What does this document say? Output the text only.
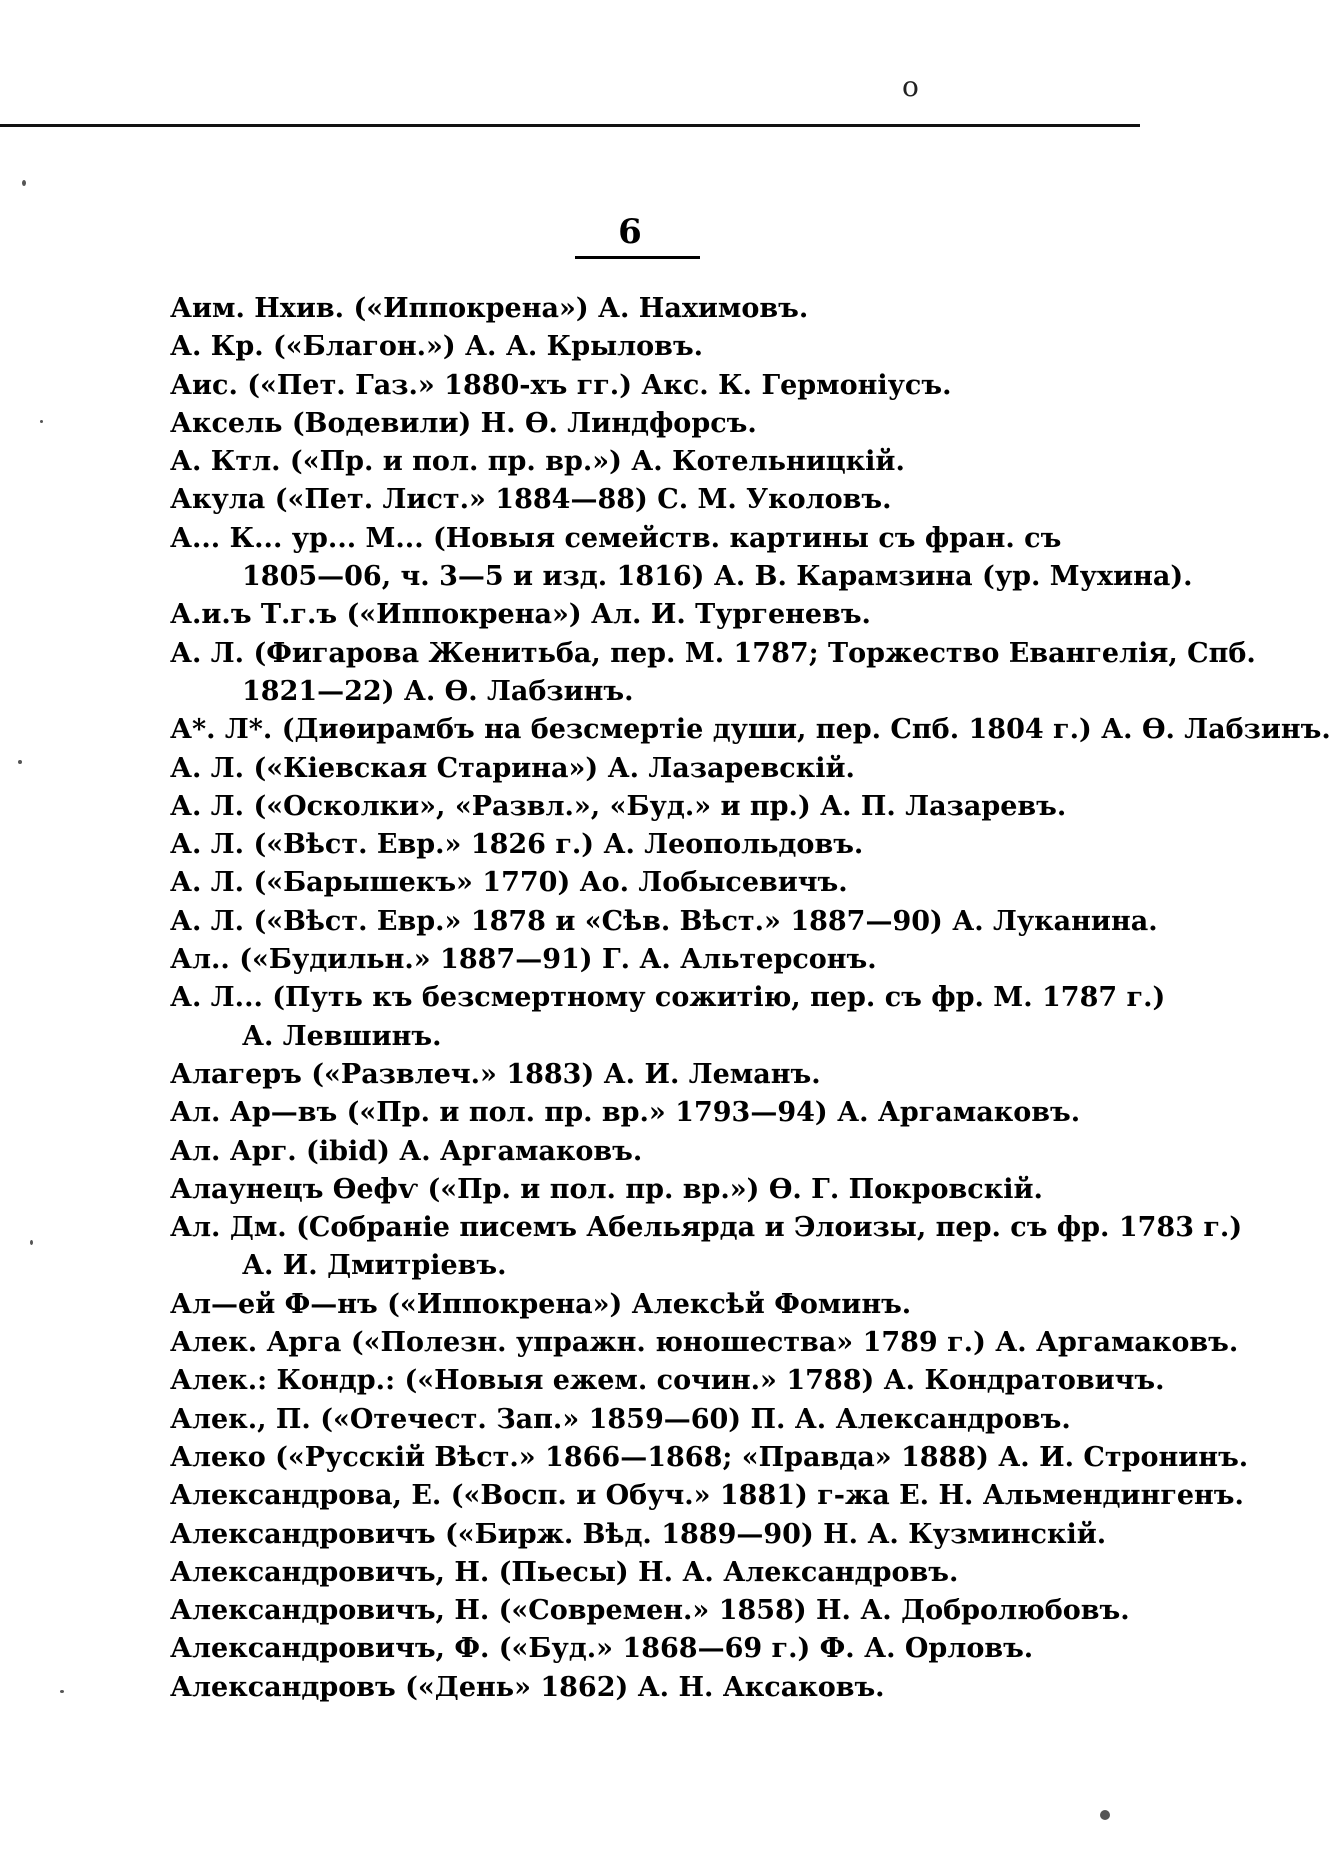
о
6
Аим. Нхив. («Иппокрена») А. Нахимовъ.
А. Кр. («Благон.») А. А. Крыловъ.
Аис. («Пет. Газ.» 1880-хъ гг.) Акс. К. Гермоніусъ.
Аксель (Водевили) Н. Ѳ. Линдфорсъ.
А. Ктл. («Пр. и пол. пр. вр.») А. Котельницкій.
Акула («Пет. Лист.» 1884—88) С. М. Уколовъ.
А... К... ур... М... (Новыя семейств. картины съ фран. съ
1805—06, ч. 3—5 и изд. 1816) А. В. Карамзина (ур. Мухина).
А.и.ъ Т.г.ъ («Иппокрена») Ал. И. Тургеневъ.
А. Л. (Фигарова Женитьба, пер. М. 1787; Торжество Евангелія, Спб.
1821—22) А. Ѳ. Лабзинъ.
А*. Л*. (Диѳирамбъ на безсмертіе души, пер. Спб. 1804 г.) А. Ѳ. Лабзинъ.
А. Л. («Кіевская Старина») А. Лазаревскій.
А. Л. («Осколки», «Развл.», «Буд.» и пр.) А. П. Лазаревъ.
А. Л. («Вѣст. Евр.» 1826 г.) А. Леопольдовъ.
А. Л. («Барышекъ» 1770) Ао. Лобысевичъ.
А. Л. («Вѣст. Евр.» 1878 и «Сѣв. Вѣст.» 1887—90) А. Луканина.
Ал.. («Будильн.» 1887—91) Г. А. Альтерсонъ.
А. Л... (Путь къ безсмертному сожитію, пер. съ фр. М. 1787 г.)
А. Левшинъ.
Алагеръ («Развлеч.» 1883) А. И. Леманъ.
Ал. Ар—въ («Пр. и пол. пр. вр.» 1793—94) А. Аргамаковъ.
Ал. Арг. (ibid) А. Аргамаковъ.
Алаунецъ Ѳефѵ («Пр. и пол. пр. вр.») Ѳ. Г. Покровскій.
Ал. Дм. (Собраніе писемъ Абельярда и Элоизы, пер. съ фр. 1783 г.)
А. И. Дмитріевъ.
Ал—ей Ф—нъ («Иппокрена») Алексѣй Фоминъ.
Алек. Арга («Полезн. упражн. юношества» 1789 г.) А. Аргамаковъ.
Алек.: Кондр.: («Новыя ежем. сочин.» 1788) А. Кондратовичъ.
Алек., П. («Отечест. Зап.» 1859—60) П. А. Александровъ.
Алеко («Русскій Вѣст.» 1866—1868; «Правда» 1888) А. И. Стронинъ.
Александрова, Е. («Восп. и Обуч.» 1881) г-жа Е. Н. Альмендингенъ.
Александровичъ («Бирж. Вѣд. 1889—90) Н. А. Кузминскій.
Александровичъ, Н. (Пьесы) Н. А. Александровъ.
Александровичъ, Н. («Современ.» 1858) Н. А. Добролюбовъ.
Александровичъ, Ф. («Буд.» 1868—69 г.) Ф. А. Орловъ.
Александровъ («День» 1862) А. Н. Аксаковъ.
